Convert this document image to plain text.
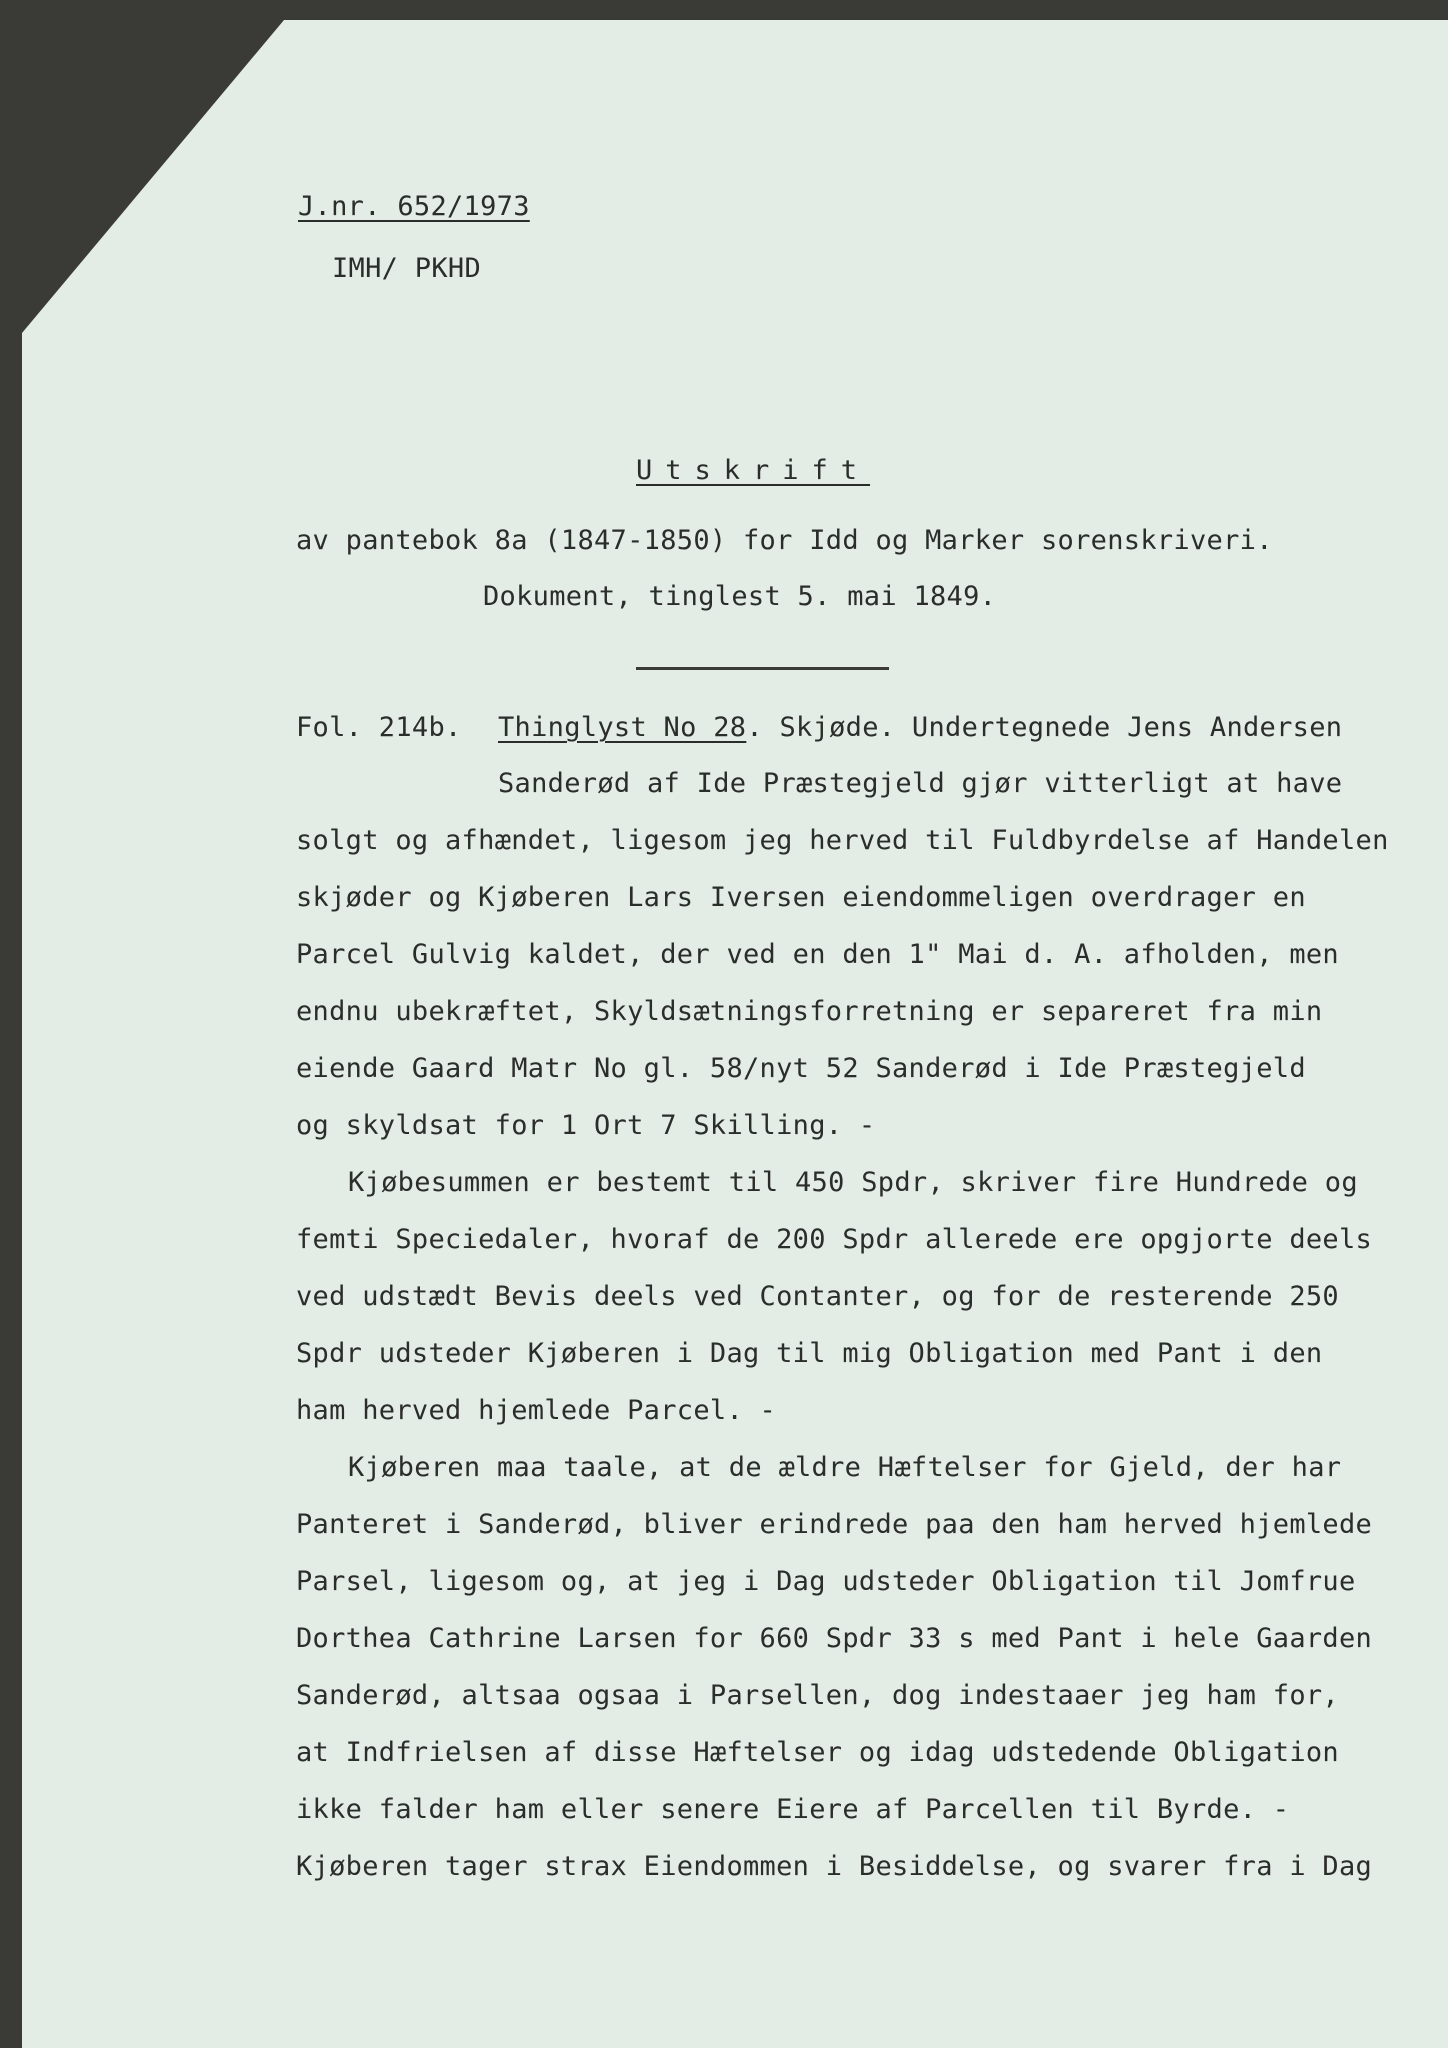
J.nr. 652/1973

IMH/ PKHD

Utskrift

av pantebok 8a (1847-1850) for Idd og Marker sorenskriveri.

Dokument, tinglest 5. mai 1849.

Fol. 214b. Thinglyst No 28. Skjøde. Undertegnede Jens Andersen

Sanderød af Ide Præstegjeld gjør vitterligt at have

solgt og afhændet, ligesom jeg herved til Fuldbyrdelse af Handelen

skjøder og Kjøberen Lars Iversen eiendommeligen overdrager en

Parcel Gulvig kaldet, der ved en den 1" Mai d. A. afholden, men

endnu ubekræftet, Skyldsætningsforretning er separeret fra min

eiende Gaard Matr No gl. 58/nyt 52 Sanderød i Ide Præstegjeld

og skyldsat for 1 Ort 7 Skilling. -

Kjøbesummen er bestemt til 450 Spdr, skriver fire Hundrede og

femti Speciedaler, hvoraf de 200 Spdr allerede ere opgjorte deels

ved udstædt Bevis deels ved Contanter, og for de resterende 250

Spdr udsteder Kjøberen i Dag til mig Obligation med Pant i den

ham herved hjemlede Parcel. -

Kjøberen maa taale, at de ældre Hæftelser for Gjeld, der har

Panteret i Sanderød, bliver erindrede paa den ham herved hjemlede

Parsel, ligesom og, at jeg i Dag udsteder Obligation til Jomfrue

Dorthea Cathrine Larsen for 660 Spdr 33 s med Pant i hele Gaarden

Sanderød, altsaa ogsaa i Parsellen, dog indestaaer jeg ham for,

at Indfrielsen af disse Hæftelser og idag udstedende Obligation

ikke falder ham eller senere Eiere af Parcellen til Byrde. -

Kjøberen tager strax Eiendommen i Besiddelse, og svarer fra i Dag
